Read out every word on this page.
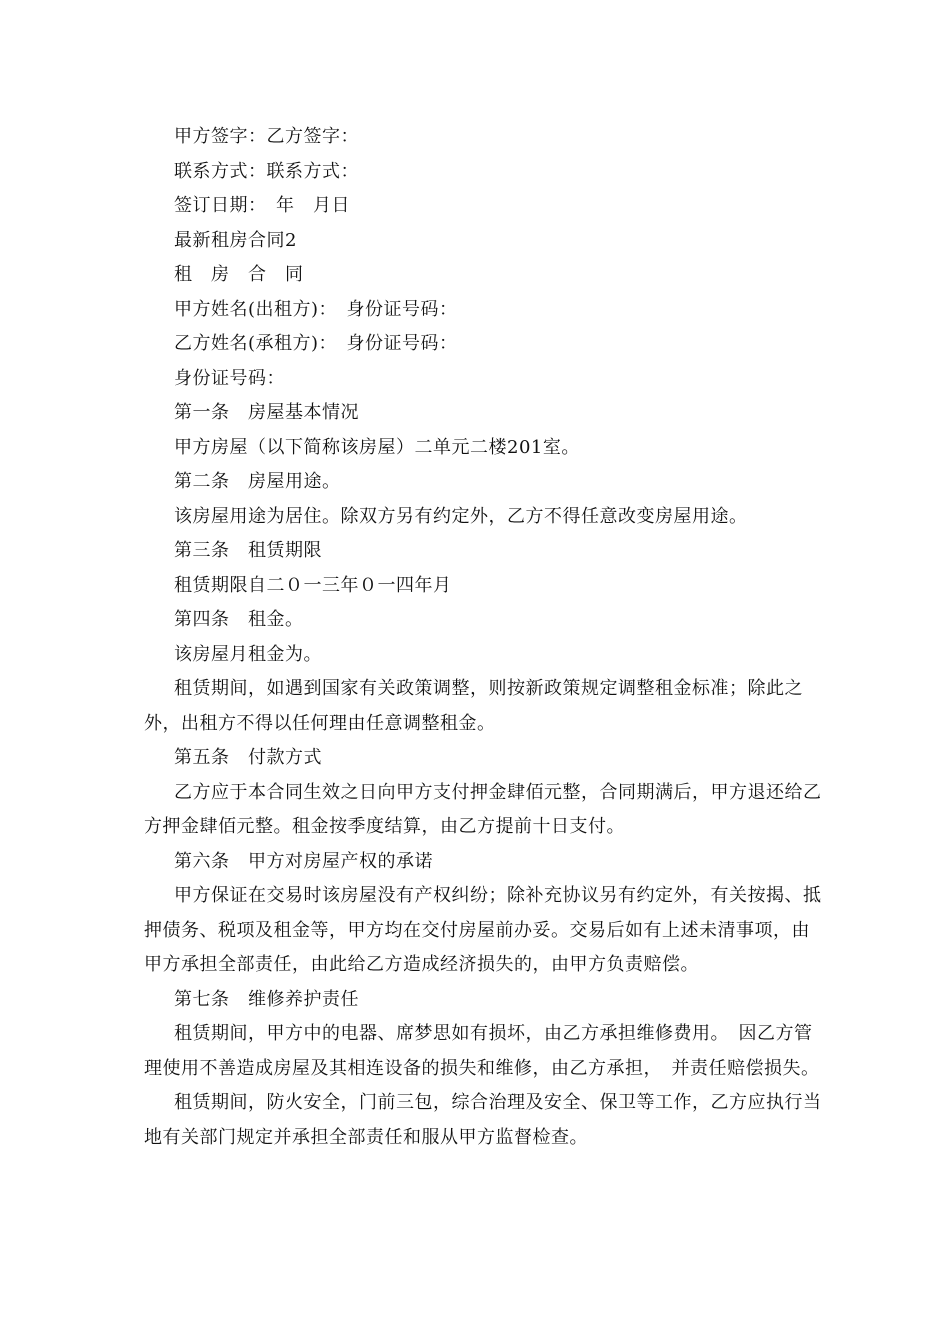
甲方签字：乙方签字：

联系方式：联系方式：

签订日期：　年　月日

最新租房合同2

租　房　合　同

甲方姓名(出租方)：　身份证号码：

乙方姓名(承租方)：　身份证号码：

身份证号码：

第一条　房屋基本情况

甲方房屋（以下简称该房屋）二单元二楼201室。

第二条　房屋用途。

该房屋用途为居住。除双方另有约定外，乙方不得任意改变房屋用途。

第三条　租赁期限

租赁期限自二０一三年０一四年月

第四条　租金。

该房屋月租金为。

租赁期间，如遇到国家有关政策调整，则按新政策规定调整租金标准；除此之外，出租方不得以任何理由任意调整租金。

第五条　付款方式

乙方应于本合同生效之日向甲方支付押金肆佰元整，合同期满后，甲方退还给乙方押金肆佰元整。租金按季度结算，由乙方提前十日支付。

第六条　甲方对房屋产权的承诺

甲方保证在交易时该房屋没有产权纠纷；除补充协议另有约定外，有关按揭、抵押债务、税项及租金等，甲方均在交付房屋前办妥。交易后如有上述未清事项，由甲方承担全部责任，由此给乙方造成经济损失的，由甲方负责赔偿。

第七条　维修养护责任

租赁期间，甲方中的电器、席梦思如有损坏，由乙方承担维修费用。　因乙方管理使用不善造成房屋及其相连设备的损失和维修，由乙方承担，　并责任赔偿损失。

租赁期间，防火安全，门前三包，综合治理及安全、保卫等工作，乙方应执行当地有关部门规定并承担全部责任和服从甲方监督检查。
